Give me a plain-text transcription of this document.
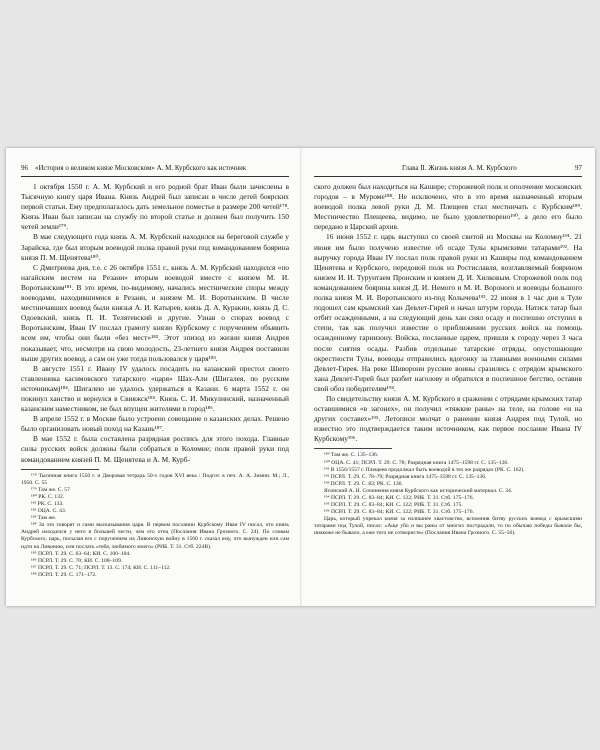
96 «История о великом князе Московском» А. М. Курбского как источник

1 октября 1550 г. А. М. Курбский и его родной брат Иван были зачислены в Тысячную книгу царя Ивана. Князь Андрей был записан в числе детей боярских первой статьи. Ему предполагалось дать земельное поместье в размере 200 четей¹⁷⁸. Князь Иван был записан на службу по второй статье и должен был получить 150 четей земли¹⁷⁹.

В мае следующего года князь А. М. Курбский находился на береговой службе у Зарайска, где был вторым воеводой полка правой руки под командованием боярина князя П. М. Щенятева¹⁸⁰.

С Дмитриева дня, т.е. с 26 октября 1551 г., князь А. М. Курбский находился «по нагайским вестем на Резани» вторым воеводой вместе с князем М. И. Воротынским¹⁸¹. В это время, по-видимому, начались местнические споры между воеводами, находившимися в Резани, и князем М. И. Воротынским. В числе местничавших воевод были князья А. И. Катырев, князь Д. А. Куракин, князь Д. С. Одоевский, князь П. И. Телятевский и другие. Узнав о спорах воевод с Воротынским, Иван IV послал грамоту князю Курбскому с поручением объявить всем им, чтобы они были «без мест»¹⁸². Этот эпизод из жизни князя Андрея показывает, что, несмотря на свою молодость, 23-летнего князя Андрея поставили выше других воевод, а сам он уже тогда пользовался у царя¹⁸³.

В августе 1551 г. Ивану IV удалось посадить на казанский престол своего ставленника касимовского татарского «царя» Шах-Али (Шигалея, по русским источникам)¹⁸⁴. Шигалею не удалось удержаться в Казани. 6 марта 1552 г. он покинул ханство и вернулся в Свияжск¹⁸⁵. Князь С. И. Микулинский, назначенный казанским наместником, не был впущен жителями в город¹⁸⁶.

В апреле 1552 г. в Москве было устроено совещание о казанских делах. Решено было организовать новый поход на Казань¹⁸⁷.

В мае 1552 г. была составлена разрядная роспись для этого похода. Главные силы русских войск должны были собраться в Коломне; полк правой руки под командованием князей П. М. Щенятева и А. М. Курб-

¹⁷⁸ Тысячная книга 1550 г. и Дворовая тетрадь 50-х годов XVI века / Подгот. к печ. А. А. Зимин. М.; Л., 1950. С. 55

¹⁷⁹ Там же. С. 57

¹⁸⁰ РК. С. 132.

¹⁸¹ РК. С. 133.

¹⁸² ОЦА. С. 43.

¹⁸³ Там же.

¹⁸⁴ За это говорят и сами высказывания царя. В первом послании Курбскому Иван IV писал, что князь Андрей находился у него в большей чести, чем его отец (Послания Ивана Грозного. С. 24). По словам Курбского, царь, посылая его с поручением на Ливонскую войну в 1560 г. сказал ему, что вынужден или сам идти на Ливонию, или послать «тебя, любимого моего» (РИБ. Т. 31. Стб. 224В).

¹⁸⁵ ПСРЛ. Т. 29. С. 63–64; КИ. С. 100–104.

¹⁸⁶ ПСРЛ. Т. 29. С. 70; КИ. С. 108–109.

¹⁸⁷ ПСРЛ. Т. 29. С. 71; ПСРЛ. Т. 13. С. 174; КИ. С. 111–112.

¹⁸⁸ ПСРЛ. Т. 29. С. 171–172.

Глава II. Жизнь князя А. М. Курбского	97

ского должен был находиться на Кашире; сторожевой полк и ополчение московских городов – в Муроме¹⁸⁸. Не исключено, что в это время назначенный вторым воеводой полка левой руки Д. М. Плещеев стал местничать с Курбским¹⁸⁹. Местничество Плещеева, видимо, не было удовлетворено¹⁹⁰, а дело его было передано в Царский архив.

16 июня 1552 г. царь выступил со своей свитой из Москвы на Коломну¹⁹¹. 21 июня им было получено известие об осаде Тулы крымскими татарами¹⁹². На выручку города Иван IV послал полк правой руки из Каширы под командованием Щенятева и Курбского, передовой полк из Ростиславля, возглавляемый боярином князем И. И. Турунтаем Пронским и князем Д. И. Хилковым. Сторожевой полк под командованием боярина князя Д. И. Немого и М. И. Вороного и воеводы большого полка князя М. И. Воротынского из-под Колычева¹⁹³. 22 июня в 1 час дня к Туле подошел сам крымский хан Девлет-Гирей и начал штурм города. Натиск татар был отбит осажденными, а на следующий день хан снял осаду и поспешно отступил в степи, так как получил известие о приближении русских войск на помощь осажденному гарнизону. Войска, посланные царем, пришли к городу через 3 часа после снятия осады. Разбив отдельные татарские отряды, опустошающие окрестности Тулы, воеводы отправились вдогонку за главными военными силами Девлет-Гирея. На реке Шиворони русские воины сразились с отрядом крымского хана Девлет-Гирей был разбит наголову и обратился в поспешное бегство, оставив свой обоз победителям¹⁹⁴.

По свидетельству князя А. М. Курбского в сражении с отрядами крымских татар оставшимися «в загонех», он получил «тяжкие раны» на теле, на голове «и на других составех»¹⁹⁵. Летописи молчат о ранении князя Андрея под Тулой, но известно это подтверждается таким источником, как первое послание Ивана IV Курбскому¹⁹⁶.

¹⁸⁹ Там же. С. 135–136.

¹⁹⁰ ОЦА. С. 41; ПСРЛ. Т. 29. С. 78; Разрядная книга 1475–1598 гг. С. 135–136.

¹⁹¹ В 1556/1557 г. Плещеев продолжал быть воеводой в тех же разрядах (РК. С. 162).

¹⁹² ПСРЛ. Т. 29. С. 78–79; Разрядная книга 1475–1598 гг. С. 135–136.

¹⁹³ ПСРЛ. Т. 29. С. 83; РК. С. 136.

Ясинский А. Н. Сочинения князя Курбского как исторический материал. С. 34.

¹⁹⁴ ПСРЛ. Т. 29. С. 83–84; КИ. С. 122; РИБ. Т. 31. Стб. 175–176.

¹⁹⁵ ПСРЛ. Т. 29. С. 83–84; КИ. С. 122; РИБ. Т. 31. Стб. 175.

¹⁹⁶ ПСРЛ. Т. 29. С. 83–84; КИ. С. 122; РИБ. Т. 31. Стб. 175–176.

Царь, который упрекал князя за излишнее хвастовство, вспомнив битву русских воевод с крымскими татарами под Тулой, писал: «Аще убо и вы раны от многих пострадали, то по обычаю победы бывали бы, инакоже не бывало, а еже того не сотвористе» (Послания Ивана Грозного. С. 55–56).
